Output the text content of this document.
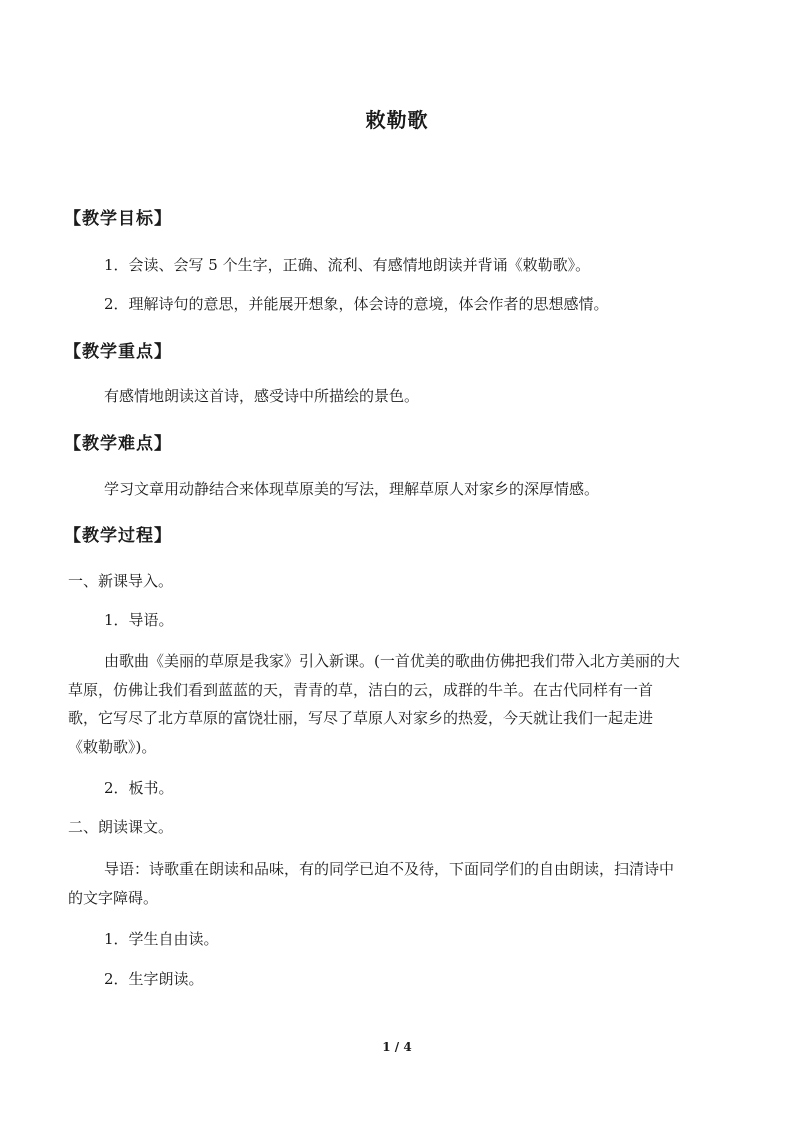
敕勒歌
【教学目标】
1．会读、会写 5 个生字，正确、流利、有感情地朗读并背诵《敕勒歌》。
2．理解诗句的意思，并能展开想象，体会诗的意境，体会作者的思想感情。
【教学重点】
有感情地朗读这首诗，感受诗中所描绘的景色。
【教学难点】
学习文章用动静结合来体现草原美的写法，理解草原人对家乡的深厚情感。
【教学过程】
一、新课导入。
1．导语。

由歌曲《美丽的草原是我家》引入新课。(一首优美的歌曲仿佛把我们带入北方美丽的大

草原，仿佛让我们看到蓝蓝的天，青青的草，洁白的云，成群的牛羊。在古代同样有一首

歌，它写尽了北方草原的富饶壮丽，写尽了草原人对家乡的热爱，今天就让我们一起走进

《敕勒歌》)。

2．板书。
二、朗读课文。

导语：诗歌重在朗读和品味，有的同学已迫不及待，下面同学们的自由朗读，扫清诗中

的文字障碍。

1．学生自由读。
2．生字朗读。
1 / 4
